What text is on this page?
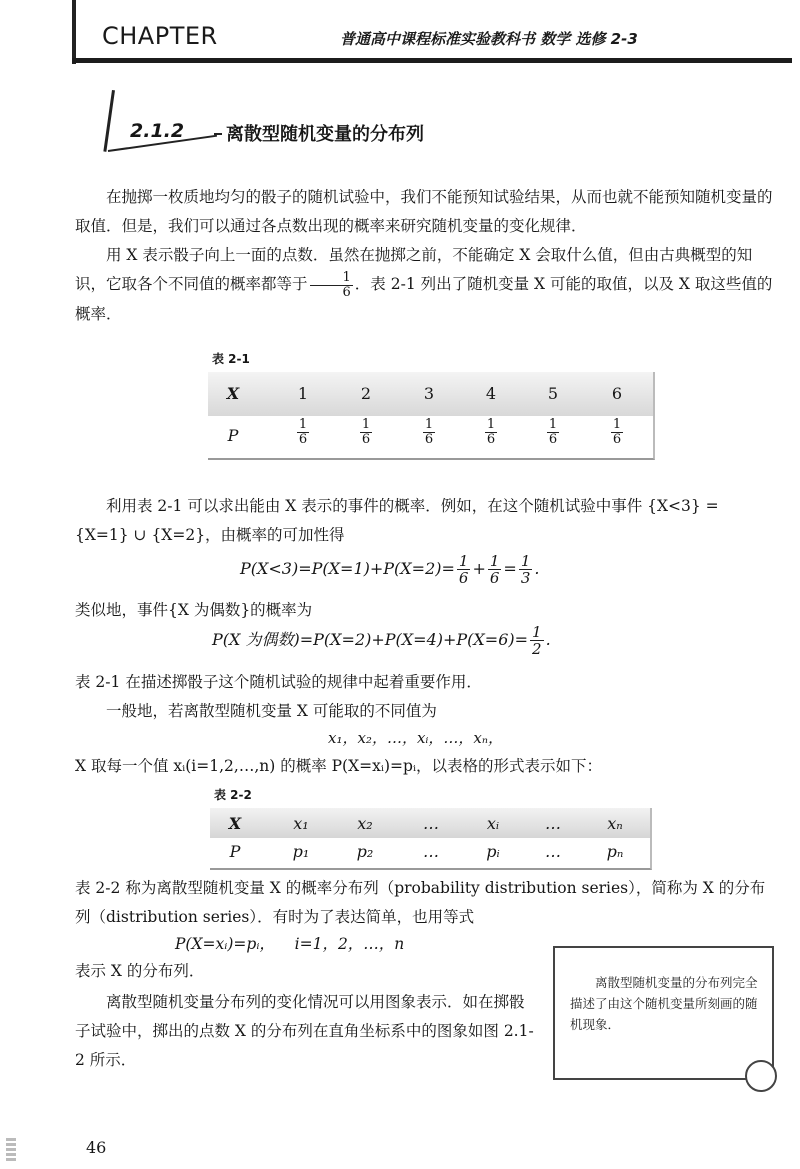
CHAPTER	普通高中课程标准实验教科书 数学 选修 2-3
2.1.2 离散型随机变量的分布列
在抛掷一枚质地均匀的骰子的随机试验中，我们不能预知试验结果，从而也就不能预知随机变量的取值．但是，我们可以通过各点数出现的概率来研究随机变量的变化规律．
用 X 表示骰子向上一面的点数．虽然在抛掷之前，不能确定 X 会取什么值，但由古典概型的知识，它取各个不同值的概率都等于 $\frac{1}{6}$ ．表 2-1 列出了随机变量 X 可能的取值，以及 X 取这些值的概率．
表 2-1
X	1	2	3	4	5	6
P	$\frac{1}{6}$	$\frac{1}{6}$	$\frac{1}{6}$	$\frac{1}{6}$	$\frac{1}{6}$	$\frac{1}{6}$
利用表 2-1 可以求出能由 X 表示的事件的概率．例如，在这个随机试验中事件 {X<3} = {X=1} ∪ {X=2}，由概率的可加性得
$P(X<3)=P(X=1)+P(X=2)= \frac{1}{6} + \frac{1}{6} = \frac{1}{3}$ .
类似地，事件{X 为偶数}的概率为
P(X 为偶数)$=P(X=2)+P(X=4)+P(X=6)= \frac{1}{2}$ .
表 2-1 在描述掷骰子这个随机试验的规律中起着重要作用．
一般地，若离散型随机变量 X 可能取的不同值为
x₁，x₂，…，xᵢ，…，xₙ，
X 取每一个值 xᵢ(i=1,2,…,n) 的概率 P(X=xᵢ)=pᵢ，以表格的形式表示如下：
表 2-2
X	x₁	x₂	…	xᵢ	…	xₙ
P	p₁	p₂	…	pᵢ	…	pₙ
表 2-2 称为离散型随机变量 X 的概率分布列（probability distribution series），简称为 X 的分布列（distribution series）．有时为了表达简单，也用等式
P(X=xᵢ)=pᵢ，    i=1，2，…，n
表示 X 的分布列．
离散型随机变量分布列的变化情况可以用图象表示．如在掷骰子试验中，掷出的点数 X 的分布列在直角坐标系中的图象如图 2.1-2 所示．
离散型随机变量的分布列完全描述了由这个随机变量所刻画的随机现象．
46
